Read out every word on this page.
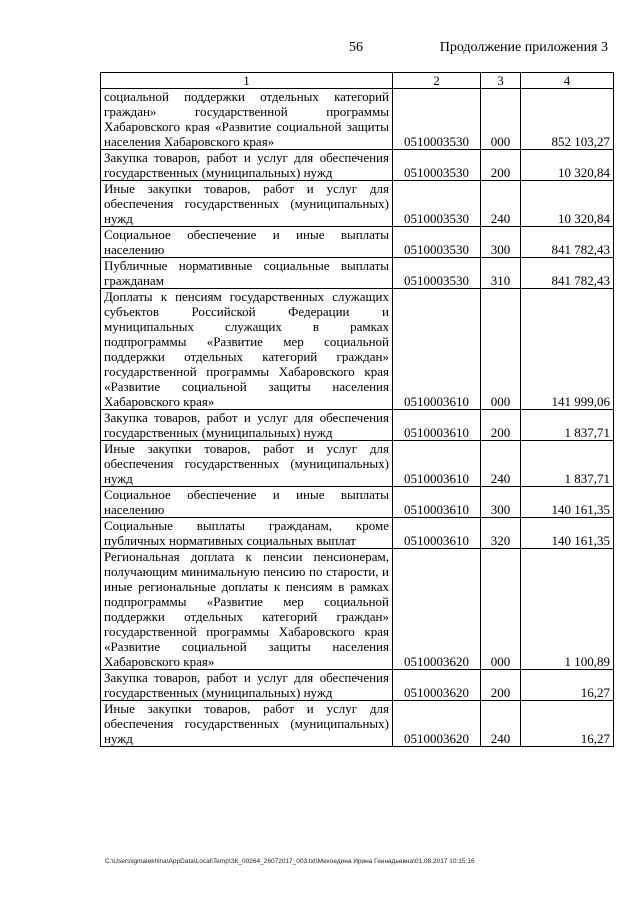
56	Продолжение приложения 3
1	2	3	4
социальной поддержки отдельных категорий граждан» государственной программы Хабаровского края «Развитие социальной защиты населения Хабаровского края»	0510003530	000	852 103,27
Закупка товаров, работ и услуг для обеспечения государственных (муниципальных) нужд	0510003530	200	10 320,84
Иные закупки товаров, работ и услуг для обеспечения государственных (муниципальных) нужд	0510003530	240	10 320,84
Социальное обеспечение и иные выплаты населению	0510003530	300	841 782,43
Публичные нормативные социальные выплаты гражданам	0510003530	310	841 782,43
Доплаты к пенсиям государственных служащих субъектов Российской Федерации и муниципальных служащих в рамках подпрограммы «Развитие мер социальной поддержки отдельных категорий граждан» государственной программы Хабаровского края «Развитие социальной защиты населения Хабаровского края»	0510003610	000	141 999,06
Закупка товаров, работ и услуг для обеспечения государственных (муниципальных) нужд	0510003610	200	1 837,71
Иные закупки товаров, работ и услуг для обеспечения государственных (муниципальных) нужд	0510003610	240	1 837,71
Социальное обеспечение и иные выплаты населению	0510003610	300	140 161,35
Социальные выплаты гражданам, кроме публичных нормативных социальных выплат	0510003610	320	140 161,35
Региональная доплата к пенсии пенсионерам, получающим минимальную пенсию по старости, и иные региональные доплаты к пенсиям в рамках подпрограммы «Развитие мер социальной поддержки отдельных категорий граждан» государственной программы Хабаровского края «Развитие социальной защиты населения Хабаровского края»	0510003620	000	1 100,89
Закупка товаров, работ и услуг для обеспечения государственных (муниципальных) нужд	0510003620	200	16,27
Иные закупки товаров, работ и услуг для обеспечения государственных (муниципальных) нужд	0510003620	240	16,27
C:\Users\igmalekhina\AppData\Local\Temp\ЗК_00264_26072017_003.txt\Мехоедина Ирина Геннадьевна\01.08.2017 10:15:16
